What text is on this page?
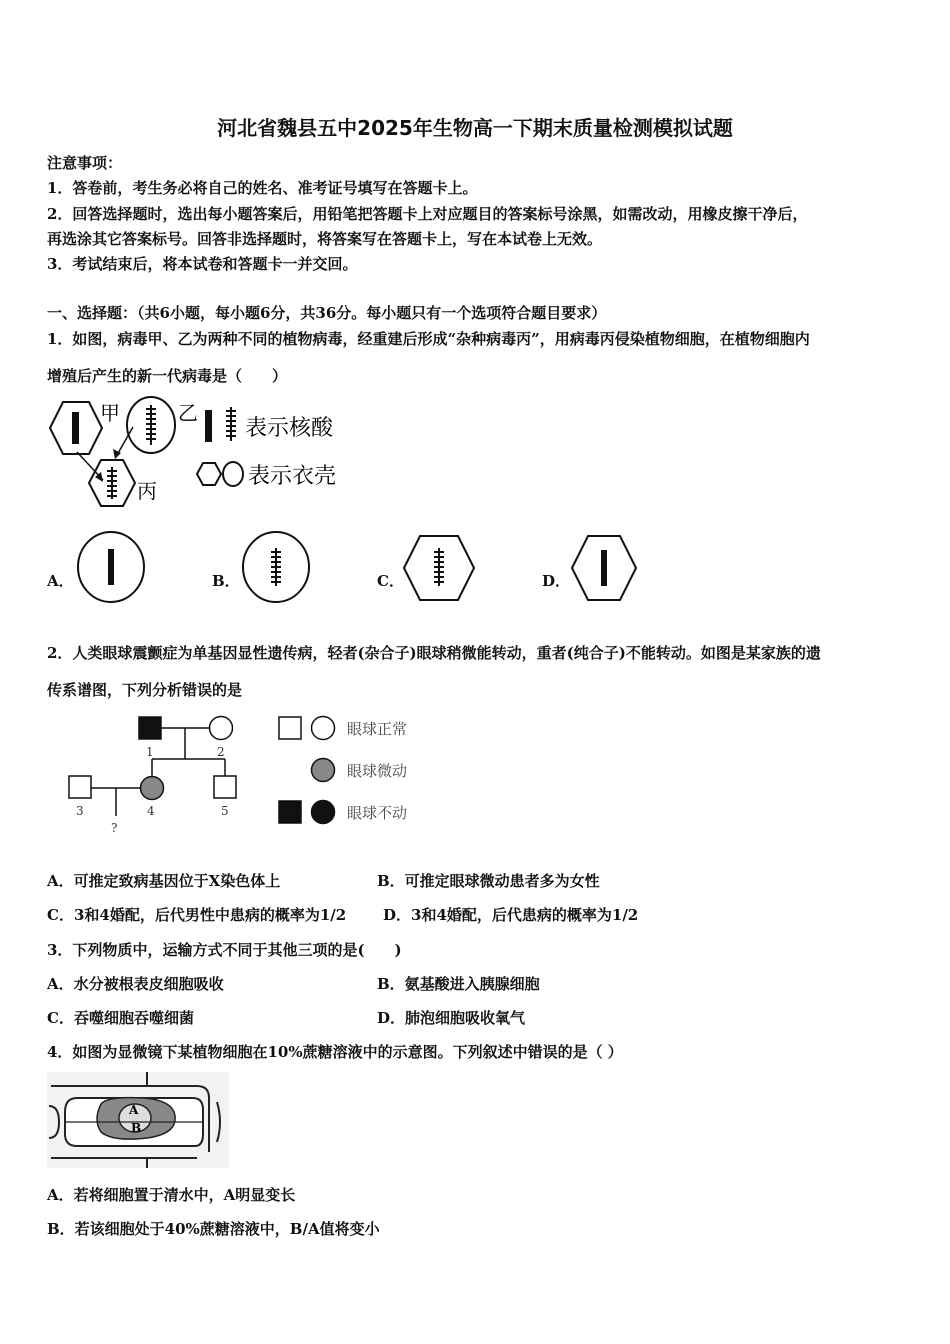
河北省魏县五中2025年生物高一下期末质量检测模拟试题
注意事项：
1．答卷前，考生务必将自己的姓名、准考证号填写在答题卡上。
2．回答选择题时，选出每小题答案后，用铅笔把答题卡上对应题目的答案标号涂黑，如需改动，用橡皮擦干净后，
再选涂其它答案标号。回答非选择题时，将答案写在答题卡上，写在本试卷上无效。
3．考试结束后，将本试卷和答题卡一并交回。
一、选择题：（共6小题，每小题6分，共36分。每小题只有一个选项符合题目要求）
1．如图，病毒甲、乙为两种不同的植物病毒，经重建后形成“杂种病毒丙”，用病毒丙侵染植物细胞，在植物细胞内
增殖后产生的新一代病毒是（　　）
甲	乙
丙
表示核酸
表示衣壳
A．	B．	C．	D．
2．人类眼球震颤症为单基因显性遗传病，轻者(杂合子)眼球稍微能转动，重者(纯合子)不能转动。如图是某家族的遗
传系谱图，下列分析错误的是
1	2
3	4	5
?
眼球正常
眼球微动
眼球不动
A．可推定致病基因位于X染色体上	B．可推定眼球微动患者多为女性
C．3和4婚配，后代男性中患病的概率为1/2 D．3和4婚配，后代患病的概率为1/2
3．下列物质中，运输方式不同于其他三项的是(　　)
A．水分被根表皮细胞吸收	B．氨基酸进入胰腺细胞
C．吞噬细胞吞噬细菌	D．肺泡细胞吸收氧气
4．如图为显微镜下某植物细胞在10%蔗糖溶液中的示意图。下列叙述中错误的是（ ）
A
B
A．若将细胞置于清水中，A明显变长
B．若该细胞处于40%蔗糖溶液中，B/A值将变小
